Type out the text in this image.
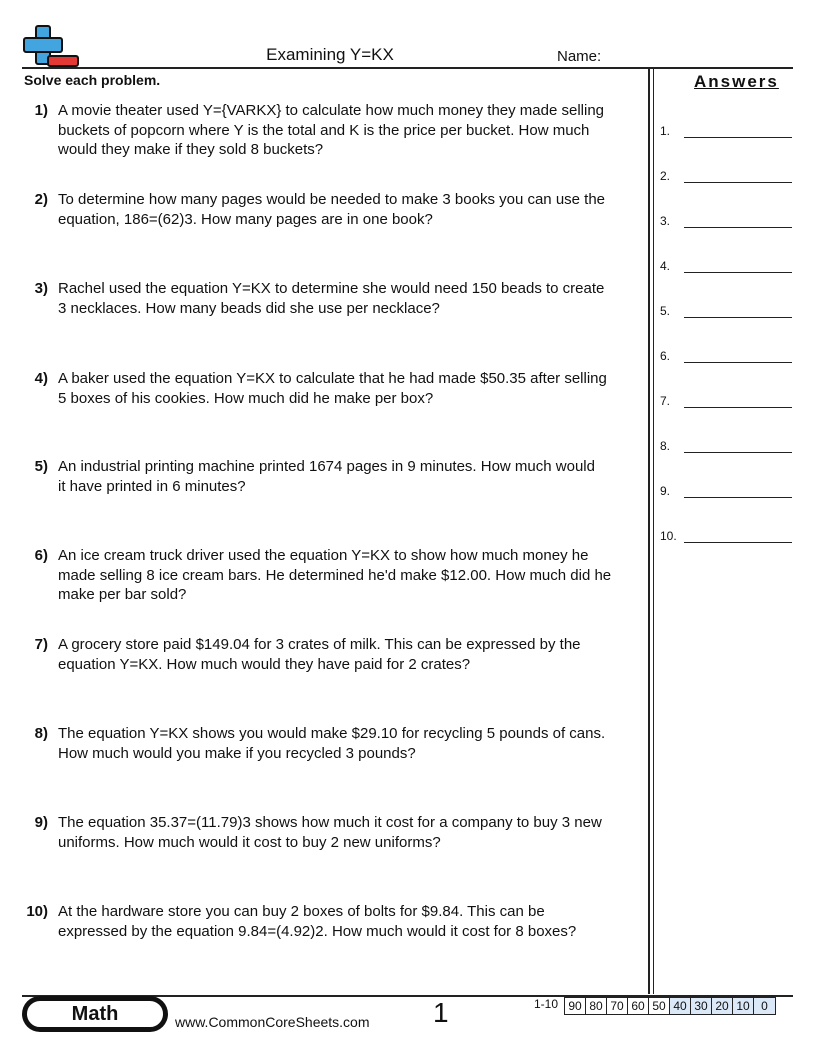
Examining Y=KX	Name:
Solve each problem.	Answers
1) A movie theater used Y={VARKX} to calculate how much money they made selling
buckets of popcorn where Y is the total and K is the price per bucket. How much
would they make if they sold 8 buckets?
2) To determine how many pages would be needed to make 3 books you can use the
equation, 186=(62)3. How many pages are in one book?
3) Rachel used the equation Y=KX to determine she would need 150 beads to create
3 necklaces. How many beads did she use per necklace?
4) A baker used the equation Y=KX to calculate that he had made $50.35 after selling
5 boxes of his cookies. How much did he make per box?
5) An industrial printing machine printed 1674 pages in 9 minutes. How much would
it have printed in 6 minutes?
6) An ice cream truck driver used the equation Y=KX to show how much money he
made selling 8 ice cream bars. He determined he'd make $12.00. How much did he
make per bar sold?
7) A grocery store paid $149.04 for 3 crates of milk. This can be expressed by the
equation Y=KX. How much would they have paid for 2 crates?
8) The equation Y=KX shows you would make $29.10 for recycling 5 pounds of cans.
How much would you make if you recycled 3 pounds?
9) The equation 35.37=(11.79)3 shows how much it cost for a company to buy 3 new
uniforms. How much would it cost to buy 2 new uniforms?
10) At the hardware store you can buy 2 boxes of bolts for $9.84. This can be
expressed by the equation 9.84=(4.92)2. How much would it cost for 8 boxes?
1.
2.
3.
4.
5.
6.
7.
8.
9.
10.
Math	www.CommonCoreSheets.com 1	1-10 90 80 70 60 50 40 30 20 10 0
